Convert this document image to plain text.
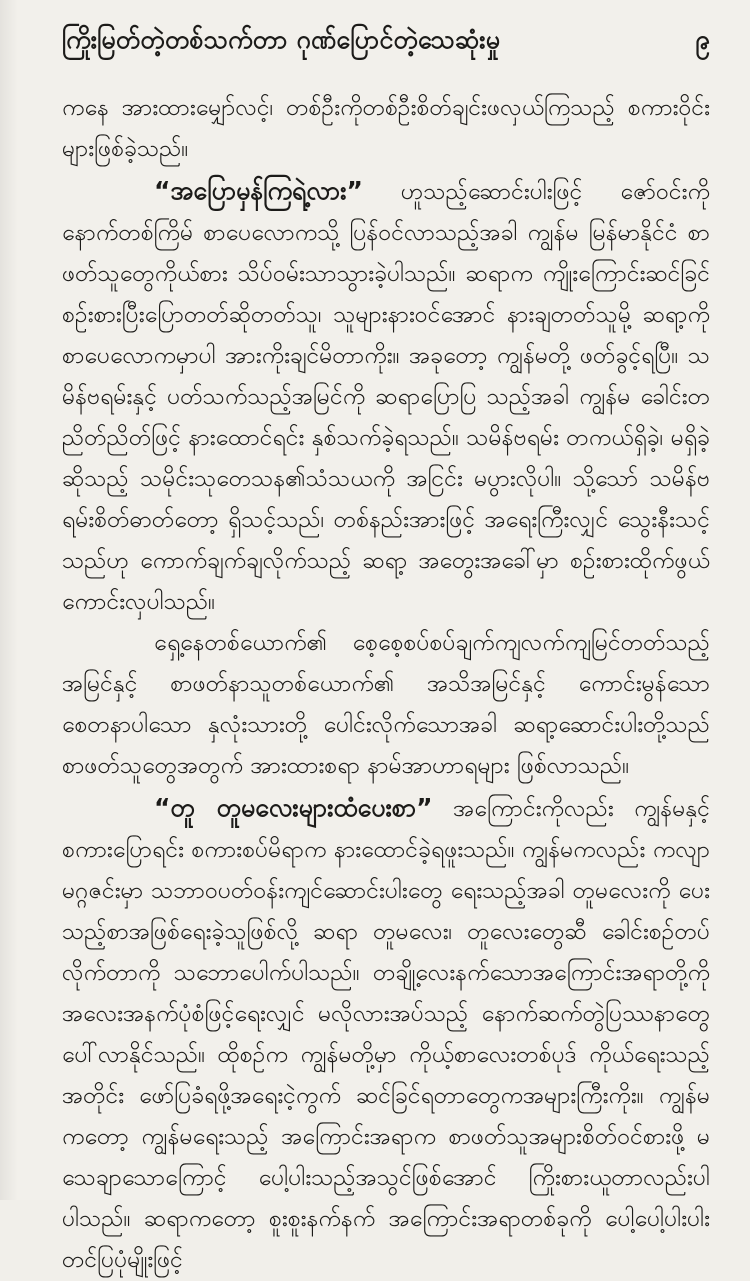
ကြိုးမြတ်တဲ့တစ်သက်တာ ဂုဏ်ပြောင်တဲ့သေဆုံးမှု	၉

ကနေ အားထားမျှော်လင့်၊ တစ်ဦးကိုတစ်ဦးစိတ်ချင်းဖလှယ်ကြသည့် စကားဝိုင်းများဖြစ်ခဲ့သည်။

“အပြောမှန်ကြရဲ့လား” ဟူသည့်ဆောင်းပါးဖြင့် ဇော်ဝင်းကို နောက်တစ်ကြိမ် စာပေလောကသို့ ပြန်ဝင်လာသည့်အခါ ကျွန်မ မြန်မာနိုင်ငံ စာဖတ်သူတွေကိုယ်စား သိပ်ဝမ်းသာသွားခဲ့ပါသည်။ ဆရာက ကျိုးကြောင်းဆင်ခြင် စဉ်းစားပြီးပြောတတ်ဆိုတတ်သူ၊ သူများနားဝင်အောင် နားချတတ်သူမို့ ဆရာ့ကို စာပေလောကမှာပါ အားကိုးချင်မိတာကိုး။ အခုတော့ ကျွန်မတို့ ဖတ်ခွင့်ရပြီ။ သမိန်ဗရမ်းနှင့် ပတ်သက်သည့်အမြင်ကို ဆရာပြောပြ သည့်အခါ ကျွန်မ ခေါင်းတညိတ်ညိတ်ဖြင့် နားထောင်ရင်း နှစ်သက်ခဲ့ရသည်။ သမိန်ဗရမ်း တကယ်ရှိခဲ့၊ မရှိခဲ့ဆိုသည့် သမိုင်းသုတေသန၏သံသယကို အငြင်း မပွားလိုပါ။ သို့သော် သမိန်ဗရမ်းစိတ်ဓာတ်တော့ ရှိသင့်သည်၊ တစ်နည်းအားဖြင့် အရေးကြီးလျှင် သွေးနီးသင့်သည်ဟု ကောက်ချက်ချလိုက်သည့် ဆရာ့ အတွေးအခေါ်မှာ စဉ်းစားထိုက်ဖွယ် ကောင်းလှပါသည်။

ရှေ့နေတစ်ယောက်၏ စေ့စေ့စပ်စပ်ချက်ကျလက်ကျမြင်တတ်သည့် အမြင်နှင့် စာဖတ်နာသူတစ်ယောက်၏ အသိအမြင်နှင့် ကောင်းမွန်သော စေတနာပါသော နှလုံးသားတို့ ပေါင်းလိုက်သောအခါ ဆရာ့ဆောင်းပါးတို့သည် စာဖတ်သူတွေအတွက် အားထားစရာ နာမ်အာဟာရများ ဖြစ်လာသည်။

“တူ တူမလေးများထံပေးစာ” အကြောင်းကိုလည်း ကျွန်မနှင့် စကားပြောရင်း စကားစပ်မိရာက နားထောင်ခဲ့ရဖူးသည်။ ကျွန်မကလည်း ကလျာမဂ္ဂဇင်းမှာ သဘာဝပတ်ဝန်းကျင်ဆောင်းပါးတွေ ရေးသည့်အခါ တူမလေးကို ပေးသည့်စာအဖြစ်ရေးခဲ့သူဖြစ်လို့ ဆရာ တူမလေး၊ တူလေးတွေဆီ ခေါင်းစဉ်တပ်လိုက်တာကို သဘောပေါက်ပါသည်။ တချို့လေးနက်သောအကြောင်းအရာတို့ကို အလေးအနက်ပုံစံဖြင့်ရေးလျှင် မလိုလားအပ်သည့် နောက်ဆက်တွဲပြဿနာတွေ ပေါ်လာနိုင်သည်။ ထိုစဉ်က ကျွန်မတို့မှာ ကိုယ့်စာလေးတစ်ပုဒ် ကိုယ်ရေးသည့်အတိုင်း ဖော်ပြခံရဖို့အရေးငဲ့ကွက် ဆင်ခြင်ရတာတွေကအများကြီးကိုး။ ကျွန်မကတော့ ကျွန်မရေးသည့် အကြောင်းအရာက စာဖတ်သူအများစိတ်ဝင်စားဖို့ မသေချာသောကြောင့် ပေါ့ပါးသည့်အသွင်ဖြစ်အောင် ကြိုးစားယူတာလည်းပါပါသည်။ ဆရာကတော့ စူးစူးနက်နက် အကြောင်းအရာတစ်ခုကို ပေါ့ပေါ့ပါးပါးတင်ပြပုံမျိုးဖြင့်
